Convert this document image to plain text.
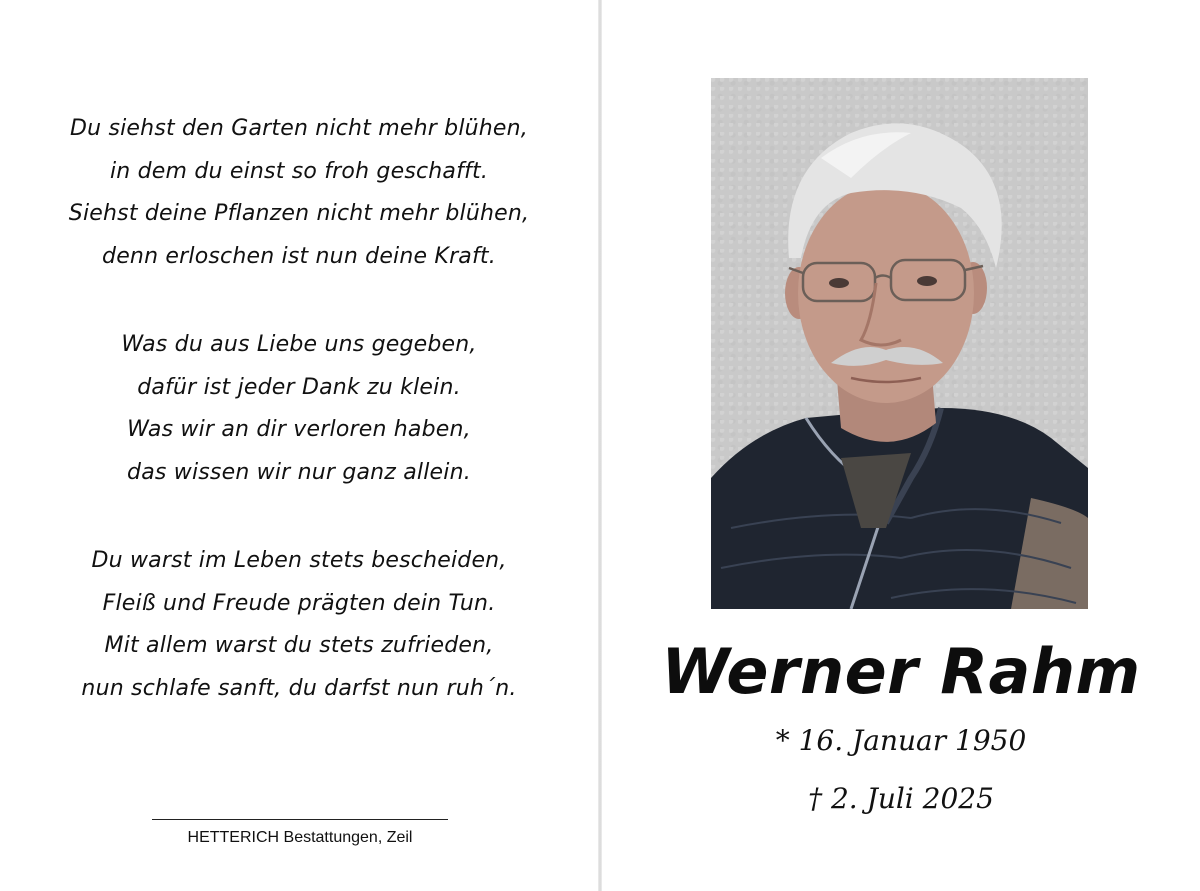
Du siehst den Garten nicht mehr blühen,
in dem du einst so froh geschafft.
Siehst deine Pflanzen nicht mehr blühen,
denn erloschen ist nun deine Kraft.
Was du aus Liebe uns gegeben,
dafür ist jeder Dank zu klein.
Was wir an dir verloren haben,
das wissen wir nur ganz allein.
Du warst im Leben stets bescheiden,
Fleiß und Freude prägten dein Tun.
Mit allem warst du stets zufrieden,
nun schlafe sanft, du darfst nun ruh´n.
HETTERICH Bestattungen, Zeil
Werner Rahm
* 16. Januar 1950
† 2. Juli 2025
